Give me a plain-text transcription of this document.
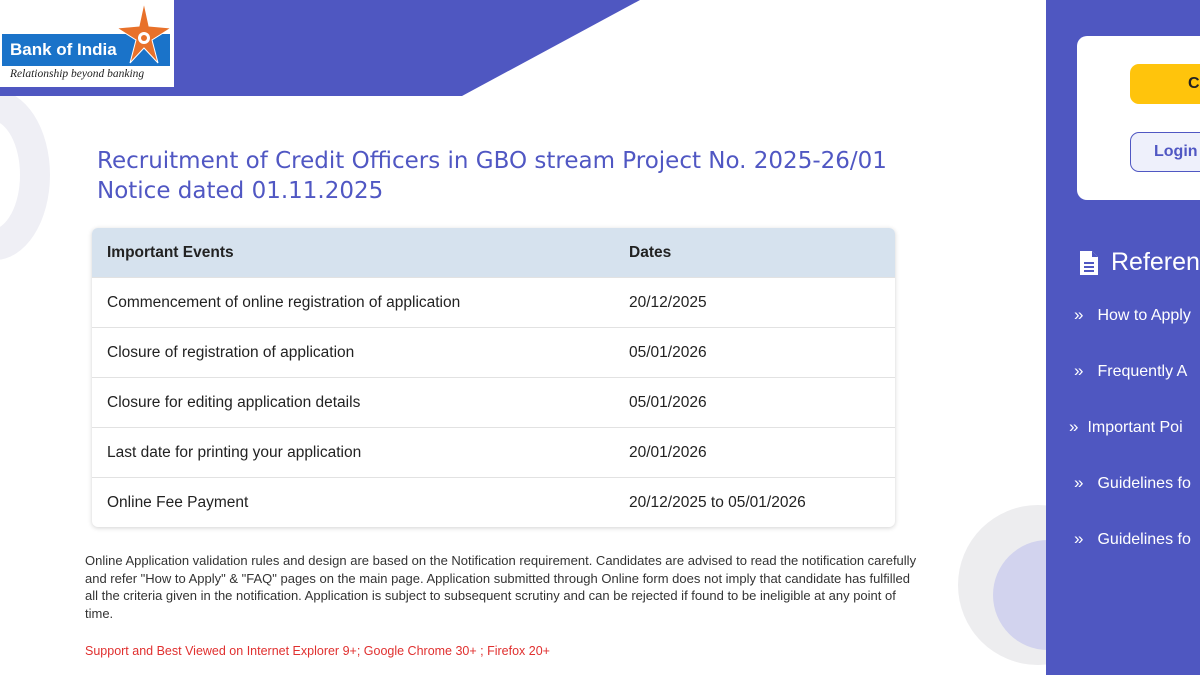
Bank of India
Relationship beyond banking
Recruitment of Credit Officers in GBO stream Project No. 2025-26/01 Notice dated 01.11.2025
Important Events	Dates
Commencement of online registration of application	20/12/2025
Closure of registration of application	05/01/2026
Closure for editing application details	05/01/2026
Last date for printing your application	20/01/2026
Online Fee Payment	20/12/2025 to 05/01/2026

Online Application validation rules and design are based on the Notification requirement. Candidates are advised to read the notification carefully and refer "How to Apply" & "FAQ" pages on the main page. Application submitted through Online form does not imply that candidate has fulfilled all the criteria given in the notification. Application is subject to subsequent scrutiny and can be rejected if found to be ineligible at any point of time.

Support and Best Viewed on Internet Explorer 9+; Google Chrome 30+ ; Firefox 20+

C
Login
Referen
» How to Apply
» Frequently A
» Important Poi
» Guidelines fo
» Guidelines fo
